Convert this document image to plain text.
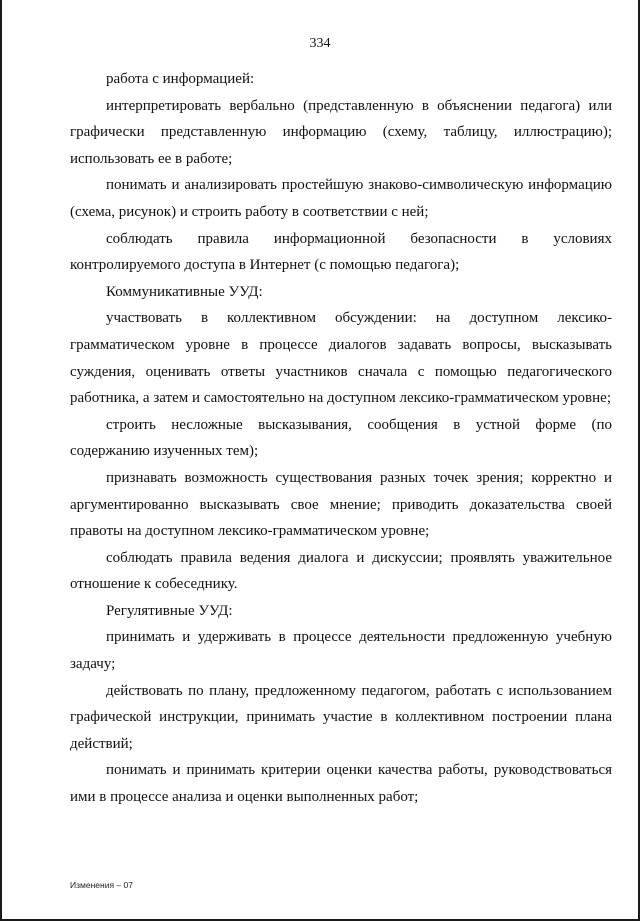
334

работа с информацией:

интерпретировать вербально (представленную в объяснении педагога) или графически представленную информацию (схему, таблицу, иллюстрацию); использовать ее в работе;

понимать и анализировать простейшую знаково-символическую информацию (схема, рисунок) и строить работу в соответствии с ней;

соблюдать правила информационной безопасности в условиях контролируемого доступа в Интернет (с помощью педагога);

Коммуникативные УУД:

участвовать в коллективном обсуждении: на доступном лексико-грамматическом уровне в процессе диалогов задавать вопросы, высказывать суждения, оценивать ответы участников сначала с помощью педагогического работника, а затем и самостоятельно на доступном лексико-грамматическом уровне;

строить несложные высказывания, сообщения в устной форме (по содержанию изученных тем);

признавать возможность существования разных точек зрения; корректно и аргументированно высказывать свое мнение; приводить доказательства своей правоты на доступном лексико-грамматическом уровне;

соблюдать правила ведения диалога и дискуссии; проявлять уважительное отношение к собеседнику.

Регулятивные УУД:

принимать и удерживать в процессе деятельности предложенную учебную задачу;

действовать по плану, предложенному педагогом, работать с использованием графической инструкции, принимать участие в коллективном построении плана действий;

понимать и принимать критерии оценки качества работы, руководствоваться ими в процессе анализа и оценки выполненных работ;

Изменения – 07
